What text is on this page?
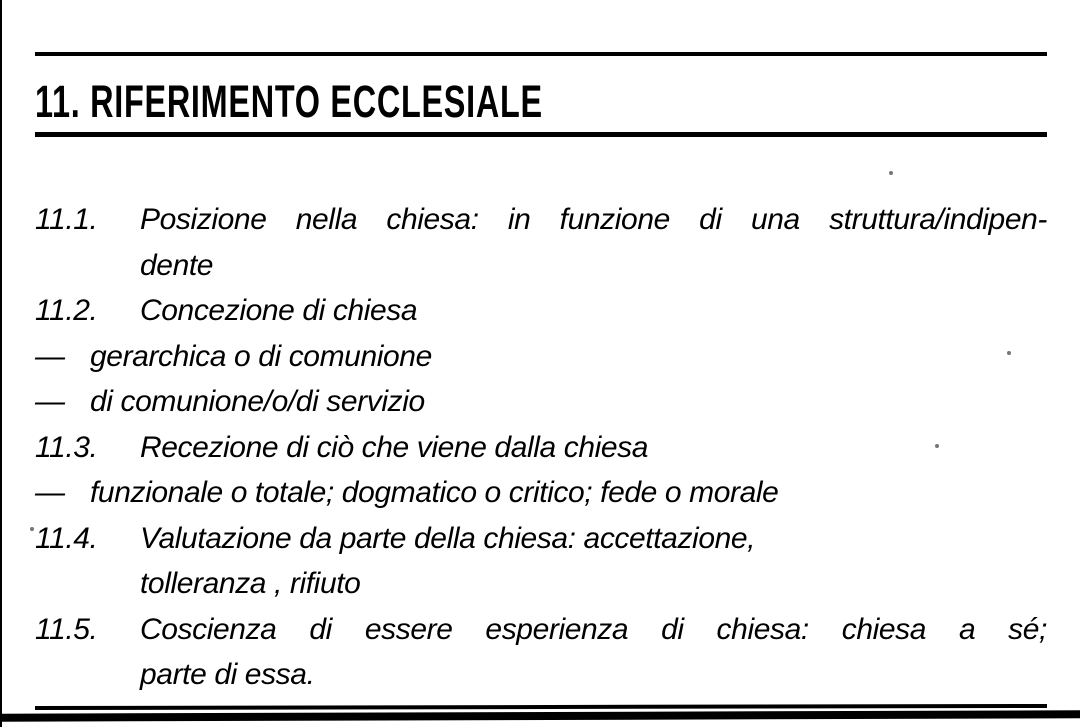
11. RIFERIMENTO ECCLESIALE
11.1.	Posizione nella chiesa: in funzione di una struttura/indipen-
dente
11.2.	Concezione di chiesa
— gerarchica o di comunione
— di comunione/o/di servizio
11.3.	Recezione di ciò che viene dalla chiesa
— funzionale o totale; dogmatico o critico; fede o morale
11.4.	Valutazione da parte della chiesa: accettazione,
tolleranza , rifiuto
11.5.	Coscienza di essere esperienza di chiesa: chiesa a sé;
parte di essa.
